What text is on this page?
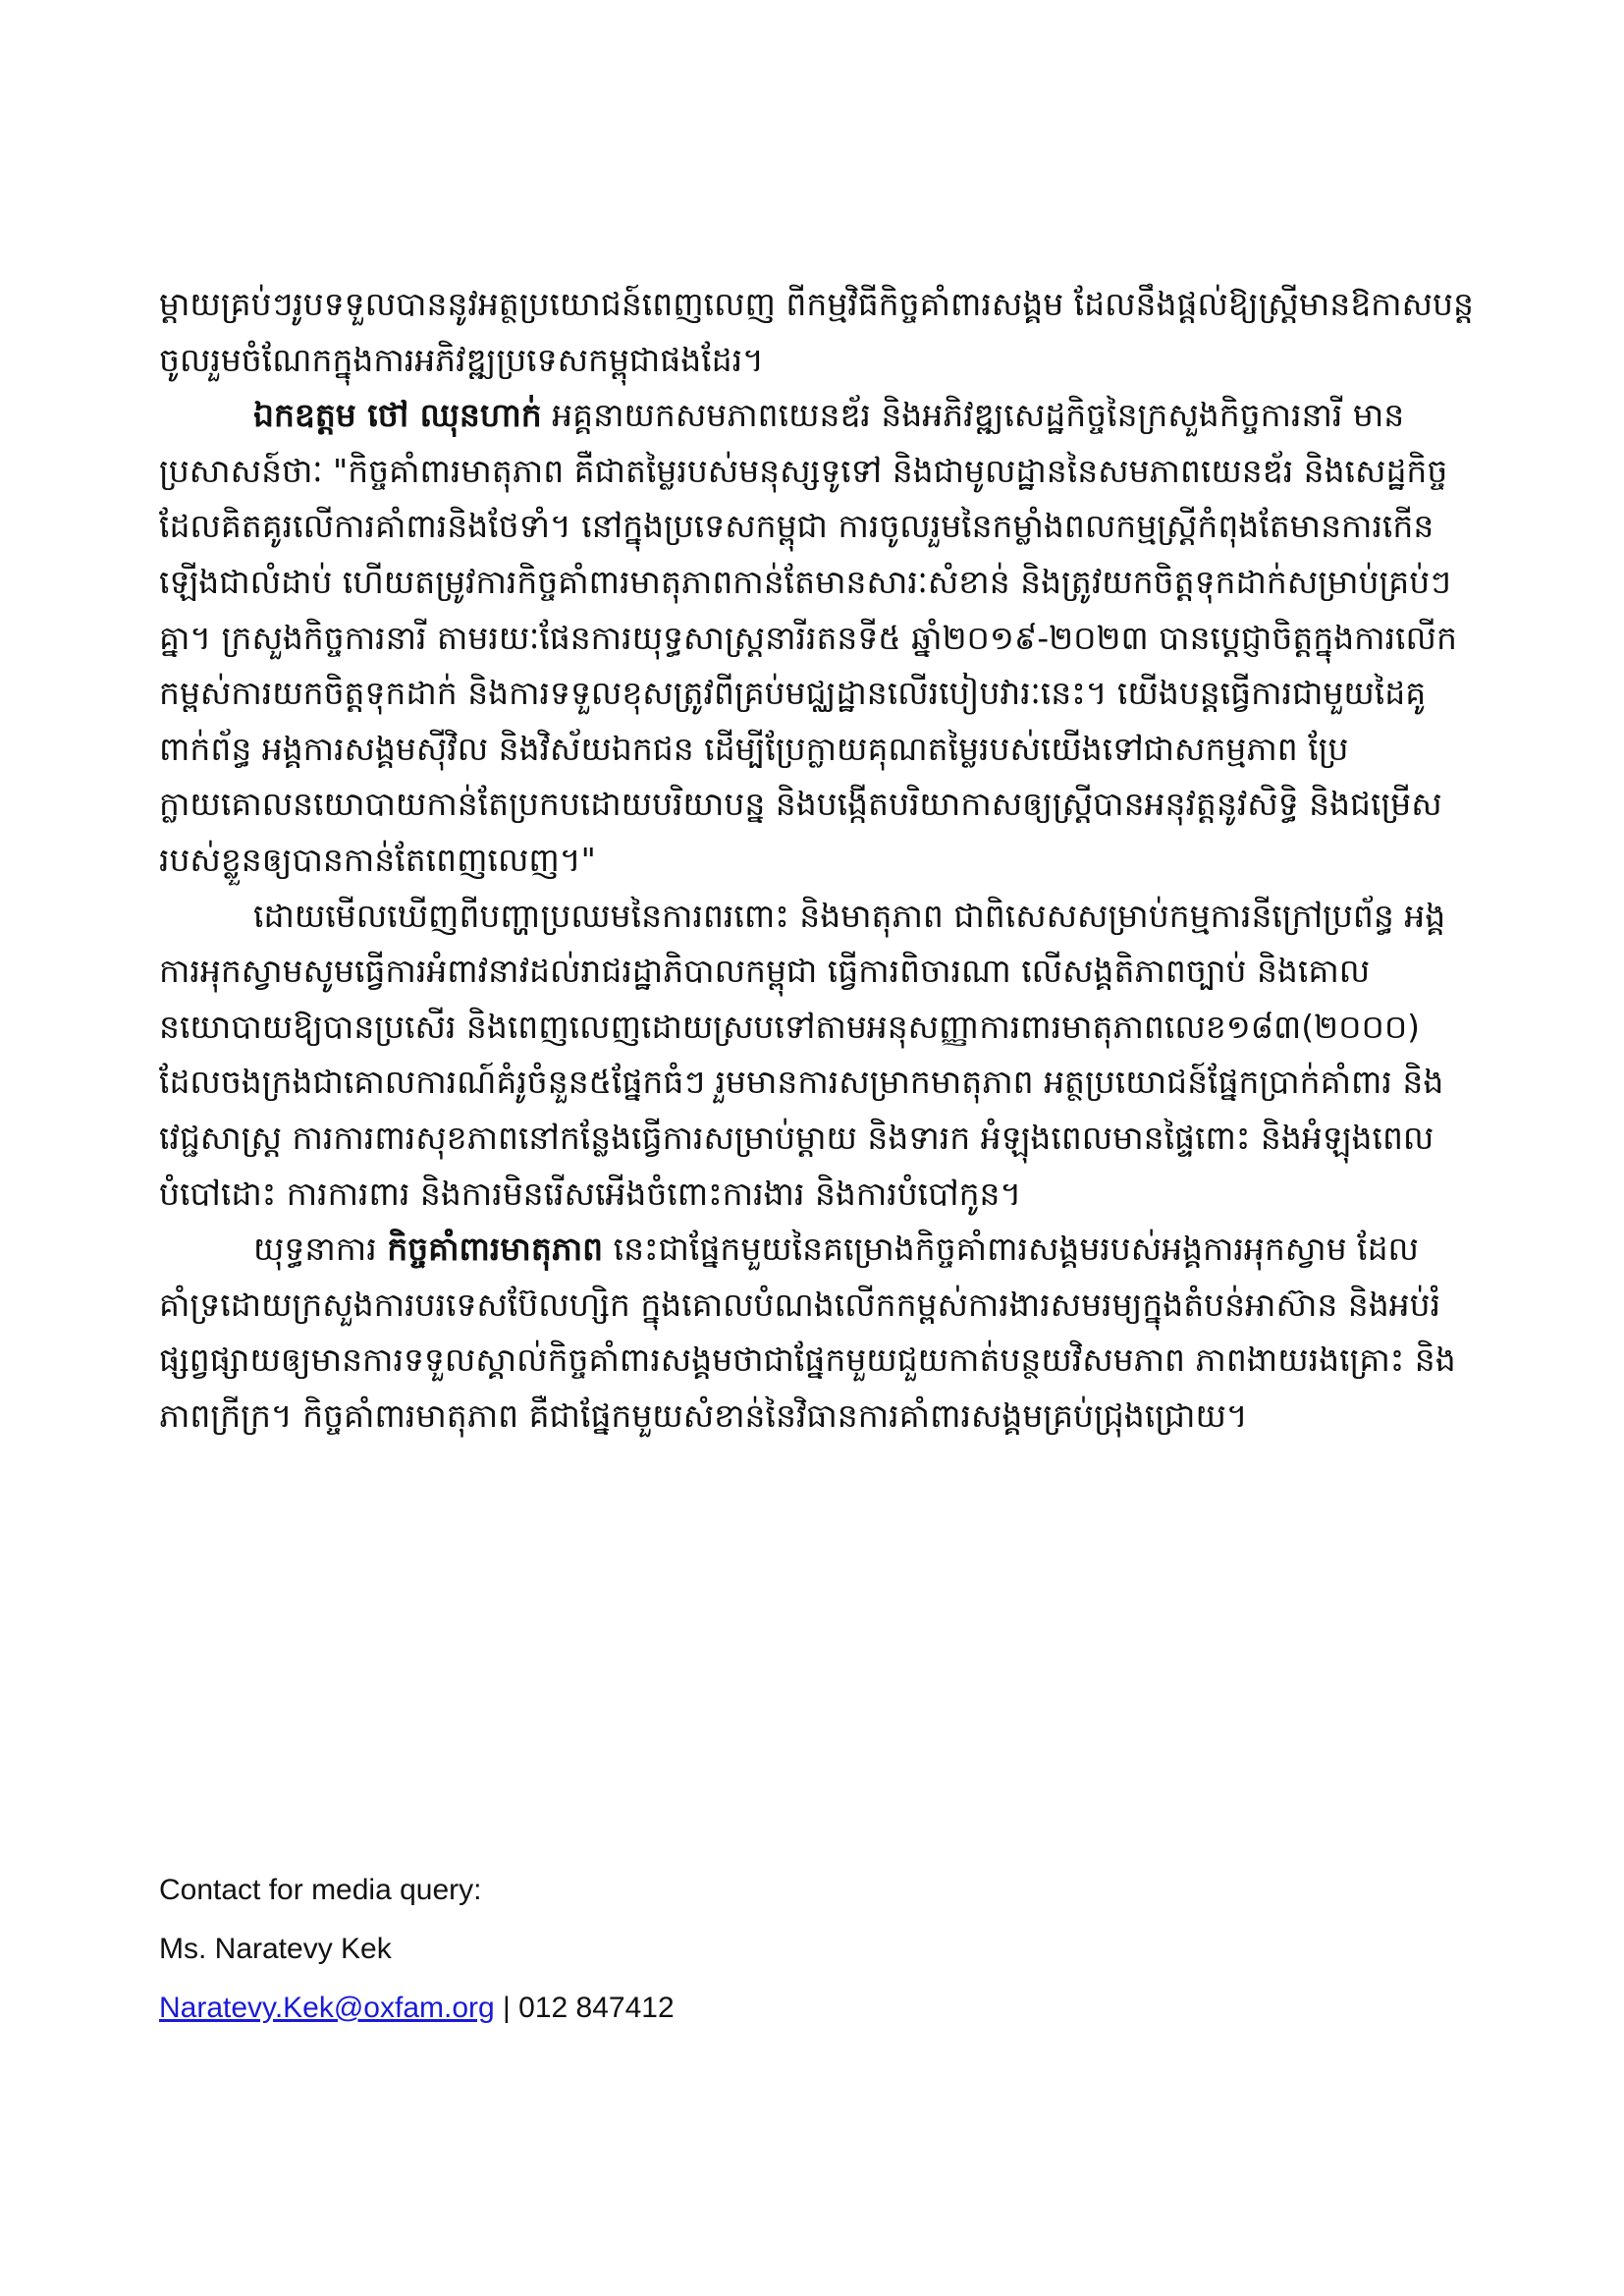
ម្តាយគ្រប់ៗរូបទទួលបាននូវអត្ថប្រយោជន៍ពេញលេញ ពីកម្មវិធីកិច្ចគាំពារសង្គម ដែលនឹងផ្តល់ឱ្យស្ត្រីមានឱកាសបន្តចូលរួមចំណែកក្នុងការអភិវឌ្ឍប្រទេសកម្ពុជាផងដែរ។

ឯកឧត្តម ថៅ ឈុនហាក់ អគ្គនាយកសមភាពយេនឌ័រ និងអភិវឌ្ឍសេដ្ឋកិច្ចនៃក្រសួងកិច្ចការនារី មានប្រសាសន៍ថាៈ "កិច្ចគាំពារមាតុភាព គឺជាតម្លៃរបស់មនុស្សទូទៅ និងជាមូលដ្ឋាននៃសមភាពយេនឌ័រ និងសេដ្ឋកិច្ចដែលគិតគូរលើការគាំពារនិងថែទាំ។ នៅក្នុងប្រទេសកម្ពុជា ការចូលរួមនៃកម្លាំងពលកម្មស្ត្រីកំពុងតែមានការកើនឡើងជាលំដាប់ ហើយតម្រូវការកិច្ចគាំពារមាតុភាពកាន់តែមានសារៈសំខាន់ និងត្រូវយកចិត្តទុកដាក់សម្រាប់គ្រប់ៗគ្នា។ ក្រសួងកិច្ចការនារី តាមរយៈផែនការយុទ្ធសាស្ត្រនារីរតនទី៥ ឆ្នាំ២០១៩-២០២៣ បានប្តេជ្ញាចិត្តក្នុងការលើកកម្ពស់ការយកចិត្តទុកដាក់ និងការទទួលខុសត្រូវពីគ្រប់មជ្ឈដ្ឋានលើរបៀបវារៈនេះ។ យើងបន្តធ្វើការជាមួយដៃគូពាក់ព័ន្ធ អង្គការសង្គមស៊ីវិល និងវិស័យឯកជន ដើម្បីប្រែក្លាយគុណតម្លៃរបស់យើងទៅជាសកម្មភាព ប្រែក្លាយគោលនយោបាយកាន់តែប្រកបដោយបរិយាបន្ន និងបង្កើតបរិយាកាសឲ្យស្ត្រីបានអនុវត្តនូវសិទ្ធិ និងជម្រើសរបស់ខ្លួនឲ្យបានកាន់តែពេញលេញ។"

ដោយមើលឃើញពីបញ្ហាប្រឈមនៃការពរពោះ និងមាតុភាព ជាពិសេសសម្រាប់កម្មការនីក្រៅប្រព័ន្ធ អង្គការអុកស្វាមសូមធ្វើការអំពាវនាវដល់រាជរដ្ឋាភិបាលកម្ពុជា ធ្វើការពិចារណា លើសង្គតិភាពច្បាប់ និងគោលនយោបាយឱ្យបានប្រសើរ និងពេញលេញដោយស្របទៅតាមអនុសញ្ញាការពារមាតុភាពលេខ១៨៣(២០០០) ដែលចងក្រងជាគោលការណ៍គំរូចំនួន៥ផ្នែកធំៗ រួមមានការសម្រាកមាតុភាព អត្ថប្រយោជន៍ផ្នែកប្រាក់គាំពារ និងវេជ្ជសាស្ត្រ ការការពារសុខភាពនៅកន្លែងធ្វើការសម្រាប់ម្តាយ និងទារក អំឡុងពេលមានផ្ទៃពោះ និងអំឡុងពេលបំបៅដោះ ការការពារ និងការមិនរើសអើងចំពោះការងារ និងការបំបៅកូន។

យុទ្ធនាការ កិច្ចគាំពារមាតុភាព នេះជាផ្នែកមួយនៃគម្រោងកិច្ចគាំពារសង្គមរបស់អង្គការអុកស្វាម ដែលគាំទ្រដោយក្រសួងការបរទេសប៊ែលហ្សិក ក្នុងគោលបំណងលើកកម្ពស់ការងារសមរម្យក្នុងតំបន់អាស៊ាន និងអប់រំផ្សព្វផ្សាយឲ្យមានការទទួលស្គាល់កិច្ចគាំពារសង្គមថាជាផ្នែកមួយជួយកាត់បន្ថយវិសមភាព ភាពងាយរងគ្រោះ និងភាពក្រីក្រ។ កិច្ចគាំពារមាតុភាព គឺជាផ្នែកមួយសំខាន់នៃវិធានការគាំពារសង្គមគ្រប់ជ្រុងជ្រោយ។

Contact for media query:
Ms. Naratevy Kek
Naratevy.Kek@oxfam.org | 012 847412
